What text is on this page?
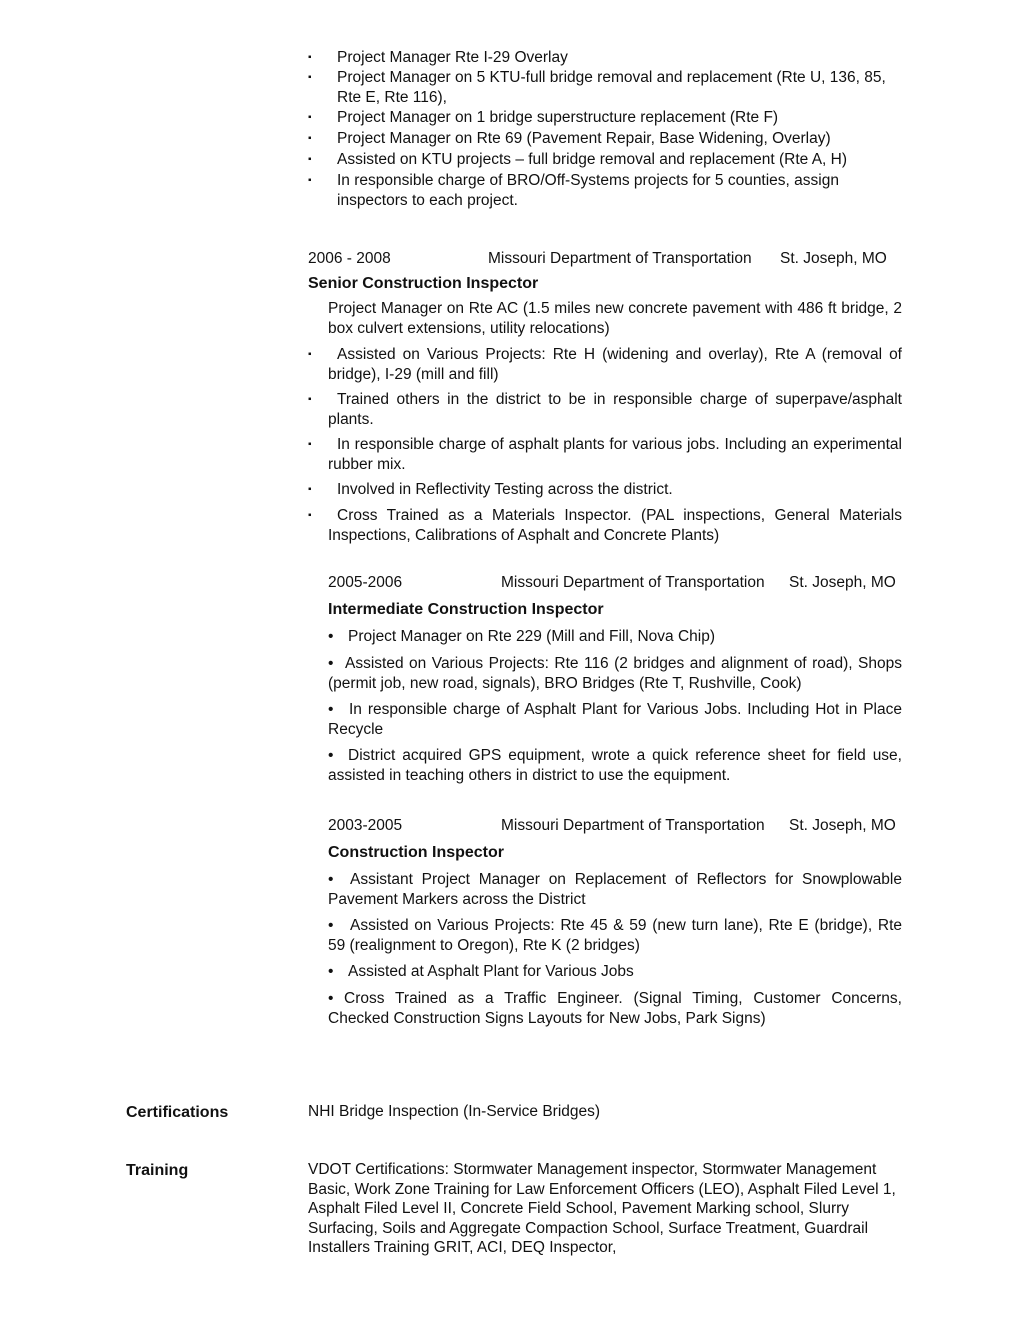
▪	Project Manager Rte I-29 Overlay
▪	Project Manager on 5 KTU-full bridge removal and replacement (Rte U, 136, 85, Rte E, Rte 116),
▪	Project Manager on 1 bridge superstructure replacement (Rte F)
▪	Project Manager on Rte 69 (Pavement Repair, Base Widening, Overlay)
▪	Assisted on KTU projects – full bridge removal and replacement (Rte A, H)
▪	In responsible charge of BRO/Off-Systems projects for 5 counties, assign inspectors to each project.
2006 - 2008	Missouri Department of Transportation St. Joseph, MO
Senior Construction Inspector
Project Manager on Rte AC (1.5 miles new concrete pavement with 486 ft bridge, 2 box culvert extensions, utility relocations)
▪	Assisted on Various Projects: Rte H (widening and overlay), Rte A (removal of bridge), I-29 (mill and fill)
▪	Trained others in the district to be in responsible charge of superpave/asphalt plants.
▪	In responsible charge of asphalt plants for various jobs. Including an experimental rubber mix.
▪	Involved in Reflectivity Testing across the district.
▪	Cross Trained as a Materials Inspector. (PAL inspections, General Materials Inspections, Calibrations of Asphalt and Concrete Plants)
2005-2006	Missouri Department of Transportation St. Joseph, MO
Intermediate Construction Inspector
• Project Manager on Rte 229 (Mill and Fill, Nova Chip)
• Assisted on Various Projects: Rte 116 (2 bridges and alignment of road), Shops (permit job, new road, signals), BRO Bridges (Rte T, Rushville, Cook)
•	In responsible charge of Asphalt Plant for Various Jobs. Including Hot in Place Recycle
• District acquired GPS equipment, wrote a quick reference sheet for field use, assisted in teaching others in district to use the equipment.
2003-2005	Missouri Department of Transportation St. Joseph, MO
Construction Inspector
•	Assistant Project Manager on Replacement of Reflectors for Snowplowable Pavement Markers across the District
•	Assisted on Various Projects: Rte 45 & 59 (new turn lane), Rte E (bridge), Rte 59 (realignment to Oregon), Rte K (2 bridges)
• Assisted at Asphalt Plant for Various Jobs
• Cross Trained as a Traffic Engineer. (Signal Timing, Customer Concerns, Checked Construction Signs Layouts for New Jobs, Park Signs)
Certifications	NHI Bridge Inspection (In-Service Bridges)
Training	VDOT Certifications: Stormwater Management inspector, Stormwater Management Basic, Work Zone Training for Law Enforcement Officers (LEO), Asphalt Filed Level 1, Asphalt Filed Level II, Concrete Field School, Pavement Marking school, Slurry Surfacing, Soils and Aggregate Compaction School, Surface Treatment, Guardrail Installers Training GRIT, ACI, DEQ Inspector,
